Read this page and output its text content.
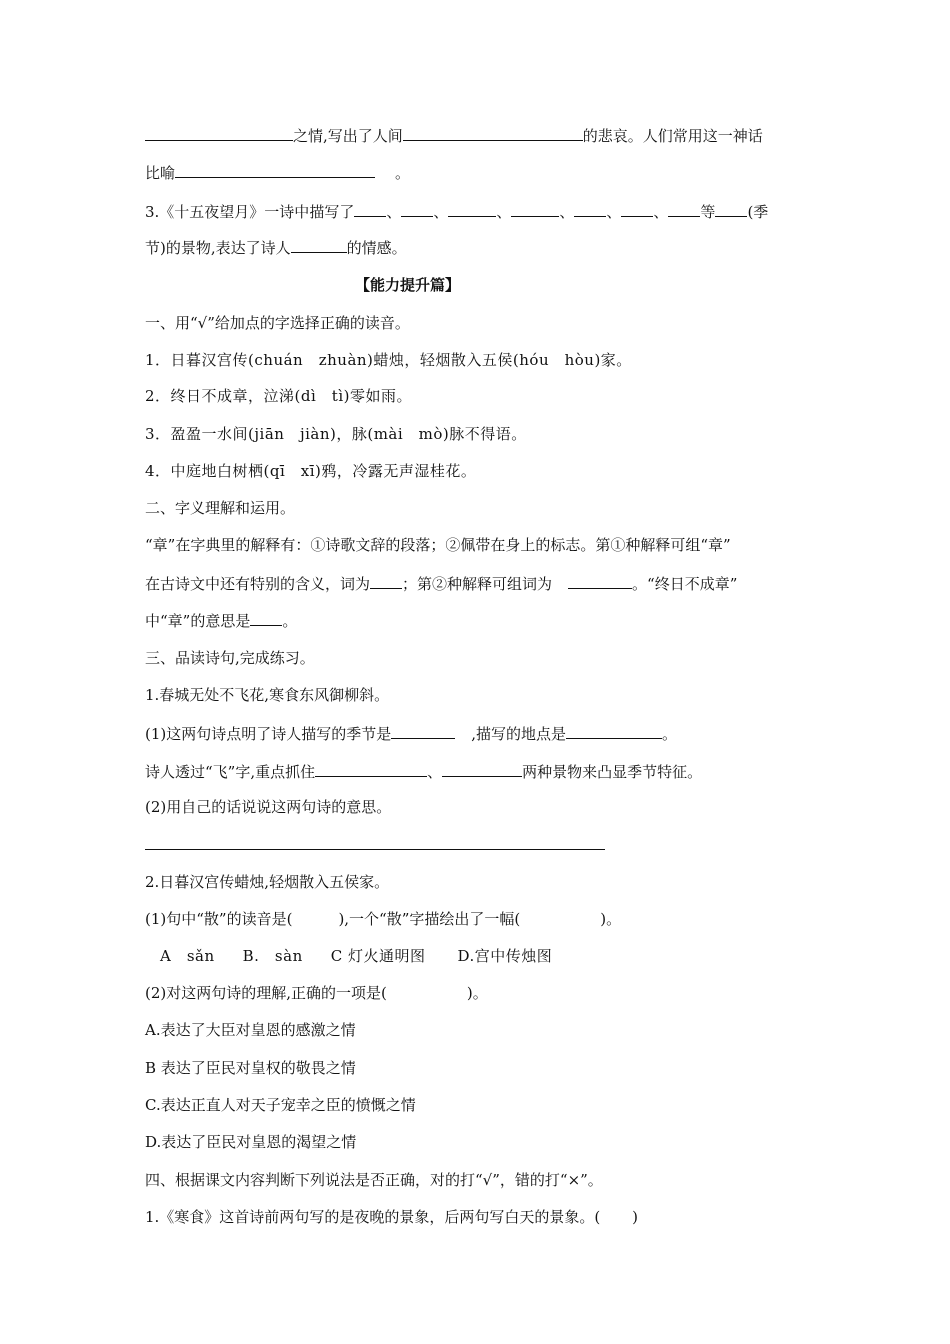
之情,写出了人间	的悲哀。人们常用这一神话
比喻	。
3.《十五夜望月》一诗中描写了 、 、	、	、 、 、 等 (季
节)的景物,表达了诗人	的情感。
【能力提升篇】
一、用“√”给加点的字选择正确的读音。
1．日暮汉宫传(chuán　zhuàn)蜡烛，轻烟散入五侯(hóu　hòu)家。
2．终日不成章，泣涕(dì　tì)零如雨。
3．盈盈一水间(jiān　jiàn)，脉(mài　mò)脉不得语。
4．中庭地白树栖(qī　xī)鸦，冷露无声湿桂花。
二、字义理解和运用。
“章”在字典里的解释有：①诗歌文辞的段落；②佩带在身上的标志。第①种解释可组“章”
在古诗文中还有特别的含义，词为 ；第②种解释可组词为	。“终日不成章”
中“章”的意思是 。
三、品读诗句,完成练习。
1.春城无处不飞花,寒食东风御柳斜。
(1)这两句诗点明了诗人描写的季节是	,描写的地点是	。
诗人透过“飞”字,重点抓住	、	两种景物来凸显季节特征。
(2)用自己的话说说这两句诗的意思。
2.日暮汉宫传蜡烛,轻烟散入五侯家。
(1)句中“散”的读音是(	),一个“散”字描绘出了一幅(	)。
A　sǎn B.　sàn C 灯火通明图 D.宫中传烛图
(2)对这两句诗的理解,正确的一项是(	)。
A.表达了大臣对皇恩的感激之情
B 表达了臣民对皇权的敬畏之情
C.表达正直人对天子宠幸之臣的愤慨之情
D.表达了臣民对皇恩的渴望之情
四、根据课文内容判断下列说法是否正确，对的打“√”，错的打“×”。
1.《寒食》这首诗前两句写的是夜晚的景象，后两句写白天的景象。( )
